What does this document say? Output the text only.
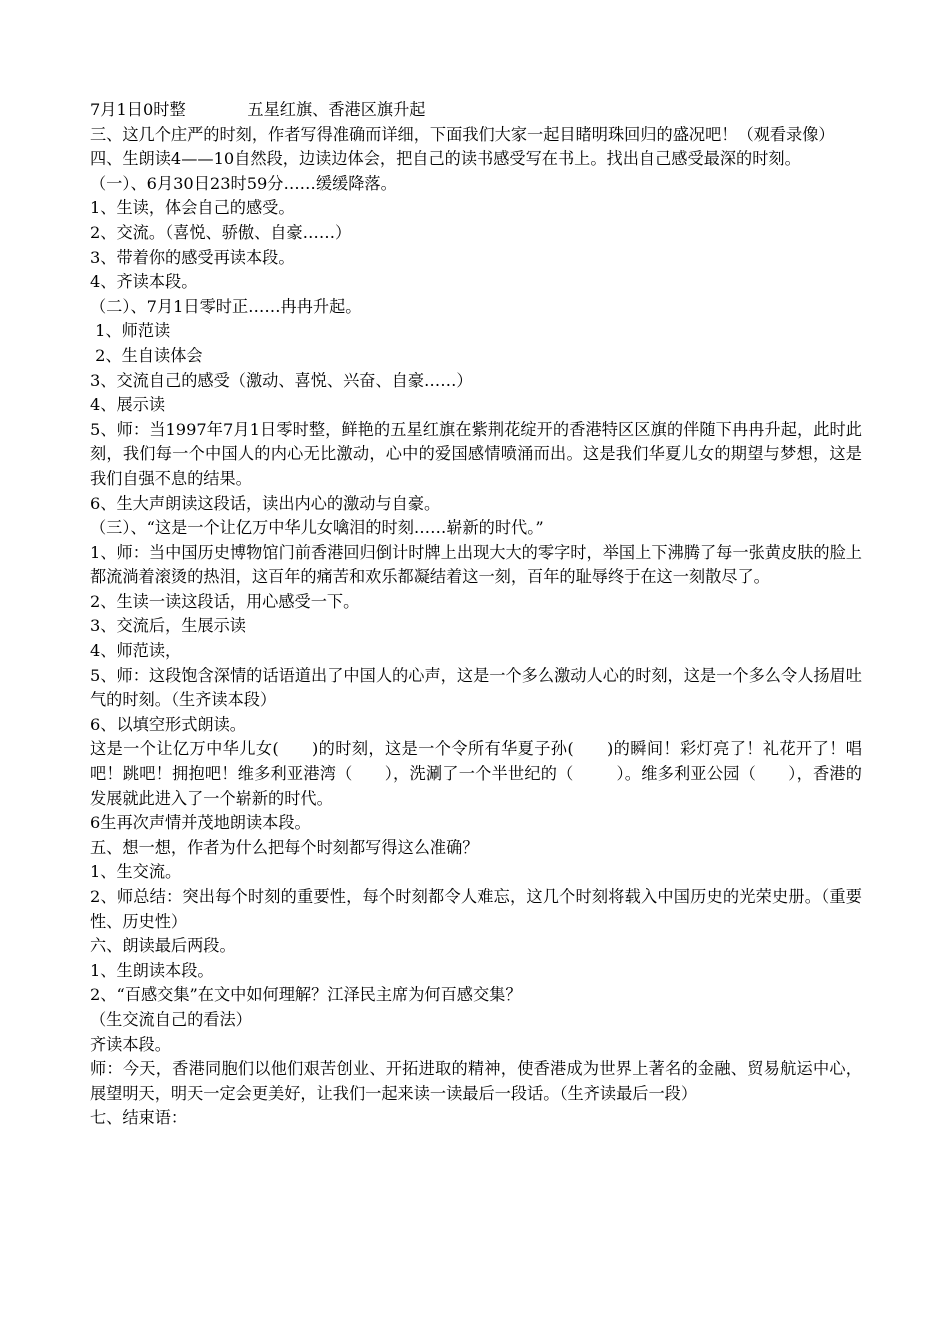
7月1日0时整            五星红旗、香港区旗升起

三、这几个庄严的时刻，作者写得准确而详细，下面我们大家一起目睹明珠回归的盛况吧！（观看录像）

四、生朗读4——10自然段，边读边体会，把自己的读书感受写在书上。找出自己感受最深的时刻。

（一）、6月30日23时59分……缓缓降落。

1、生读，体会自己的感受。

2、交流。（喜悦、骄傲、自豪……）

3、带着你的感受再读本段。

4、齐读本段。

（二）、7月1日零时正……冉冉升起。

1、师范读

2、生自读体会

3、交流自己的感受（激动、喜悦、兴奋、自豪……）

4、展示读

5、师：当1997年7月1日零时整，鲜艳的五星红旗在紫荆花绽开的香港特区区旗的伴随下冉冉升起，此时此刻，我们每一个中国人的内心无比激动，心中的爱国感情喷涌而出。这是我们华夏儿女的期望与梦想，这是我们自强不息的结果。

6、生大声朗读这段话，读出内心的激动与自豪。

（三）、“这是一个让亿万中华儿女噙泪的时刻……崭新的时代。”

1、师：当中国历史博物馆门前香港回归倒计时牌上出现大大的零字时，举国上下沸腾了每一张黄皮肤的脸上都流淌着滚烫的热泪，这百年的痛苦和欢乐都凝结着这一刻，百年的耻辱终于在这一刻散尽了。

2、生读一读这段话，用心感受一下。

3、交流后，生展示读

4、师范读，

5、师：这段饱含深情的话语道出了中国人的心声，这是一个多么激动人心的时刻，这是一个多么令人扬眉吐气的时刻。（生齐读本段）

6、以填空形式朗读。

这是一个让亿万中华儿女(      )的时刻，这是一个令所有华夏子孙(      )的瞬间！彩灯亮了！礼花开了！唱吧！跳吧！拥抱吧！维多利亚港湾（      ），洗涮了一个半世纪的（        ）。维多利亚公园（      ），香港的发展就此进入了一个崭新的时代。

6生再次声情并茂地朗读本段。

五、想一想，作者为什么把每个时刻都写得这么准确？

1、生交流。

2、师总结：突出每个时刻的重要性，每个时刻都令人难忘，这几个时刻将载入中国历史的光荣史册。（重要性、历史性）

六、朗读最后两段。

1、生朗读本段。

2、“百感交集”在文中如何理解？江泽民主席为何百感交集？

（生交流自己的看法）

齐读本段。

师：今天，香港同胞们以他们艰苦创业、开拓进取的精神，使香港成为世界上著名的金融、贸易航运中心，展望明天，明天一定会更美好，让我们一起来读一读最后一段话。（生齐读最后一段）

七、结束语：
